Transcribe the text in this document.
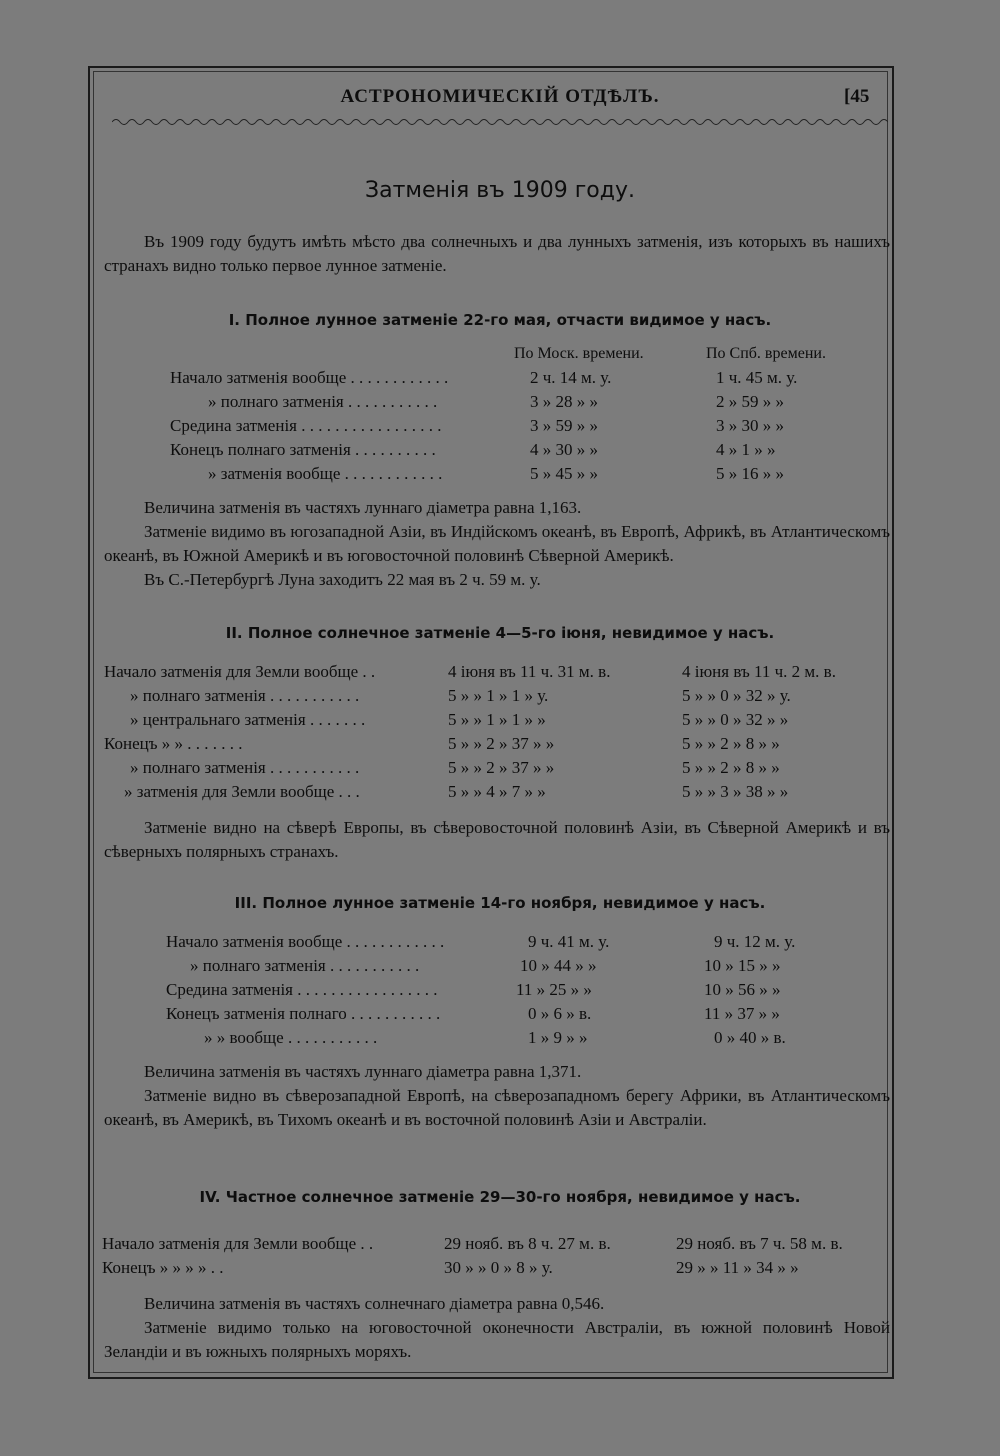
АСТРОНОМИЧЕСКІЙ ОТДѢЛЪ.	[45
Затменія въ 1909 году.
Въ 1909 году будутъ имѣть мѣсто два солнечныхъ и два лунныхъ затменія, изъ которыхъ въ нашихъ странахъ видно только первое лунное затменіе.
I. Полное лунное затменіе 22-го мая, отчасти видимое у насъ.
По Моск. времени.	По Спб. времени.
Начало затменія вообще . . . . . . . . . . . .	2 ч. 14 м. у.	1 ч. 45 м. у.
» полнаго затменія . . . . . . . . . . .	3 » 28 » »	2 » 59 » »
Средина затменія . . . . . . . . . . . . . . . . .	3 » 59 » »	3 » 30 » »
Конецъ полнаго затменія . . . . . . . . . .	4 » 30 » »	4 » 1 » »
» затменія вообще . . . . . . . . . . . .	5 » 45 » »	5 » 16 » »
Величина затменія въ частяхъ луннаго діаметра равна 1,163.
Затменіе видимо въ югозападной Азіи, въ Индійскомъ океанѣ, въ Европѣ, Африкѣ, въ Атлантическомъ океанѣ, въ Южной Америкѣ и въ юговосточной половинѣ Сѣверной Америкѣ.
Въ С.-Петербургѣ Луна заходитъ 22 мая въ 2 ч. 59 м. у.
II. Полное солнечное затменіе 4—5-го іюня, невидимое у насъ.
Начало затменія для Земли вообще . .	4 іюня въ 11 ч. 31 м. в.	4 іюня въ 11 ч. 2 м. в.
» полнаго затменія . . . . . . . . . . .	5 » » 1 » 1 » у.	5 » » 0 » 32 » у.
» центральнаго затменія . . . . . . .	5 » » 1 » 1 » »	5 » » 0 » 32 » »
Конецъ » » . . . . . . .	5 » » 2 » 37 » »	5 » » 2 » 8 » »
» полнаго затменія . . . . . . . . . . .	5 » » 2 » 37 » »	5 » » 2 » 8 » »
» затменія для Земли вообще . . .	5 » » 4 » 7 » »	5 » » 3 » 38 » »
Затменіе видно на сѣверѣ Европы, въ сѣверовосточной половинѣ Азіи, въ Сѣверной Америкѣ и въ сѣверныхъ полярныхъ странахъ.
III. Полное лунное затменіе 14-го ноября, невидимое у насъ.
Начало затменія вообще . . . . . . . . . . . .	9 ч. 41 м. у.	9 ч. 12 м. у.
» полнаго затменія . . . . . . . . . . .	10 » 44 » »	10 » 15 » »
Средина затменія . . . . . . . . . . . . . . . . .	11 » 25 » »	10 » 56 » »
Конецъ затменія полнаго . . . . . . . . . . .	0 » 6 » в.	11 » 37 » »
» » вообще . . . . . . . . . . .	1 » 9 » »	0 » 40 » в.
Величина затменія въ частяхъ луннаго діаметра равна 1,371.
Затменіе видно въ сѣверозападной Европѣ, на сѣверозападномъ берегу Африки, въ Атлантическомъ океанѣ, въ Америкѣ, въ Тихомъ океанѣ и въ восточной половинѣ Азіи и Австраліи.
IV. Частное солнечное затменіе 29—30-го ноября, невидимое у насъ.
Начало затменія для Земли вообще . .	29 нояб. въ 8 ч. 27 м. в.	29 нояб. въ 7 ч. 58 м. в.
Конецъ » » » » . .	30 » » 0 » 8 » у.	29 » » 11 » 34 » »
Величина затменія въ частяхъ солнечнаго діаметра равна 0,546.
Затменіе видимо только на юговосточной оконечности Австраліи, въ южной половинѣ Новой Зеландіи и въ южныхъ полярныхъ моряхъ.
